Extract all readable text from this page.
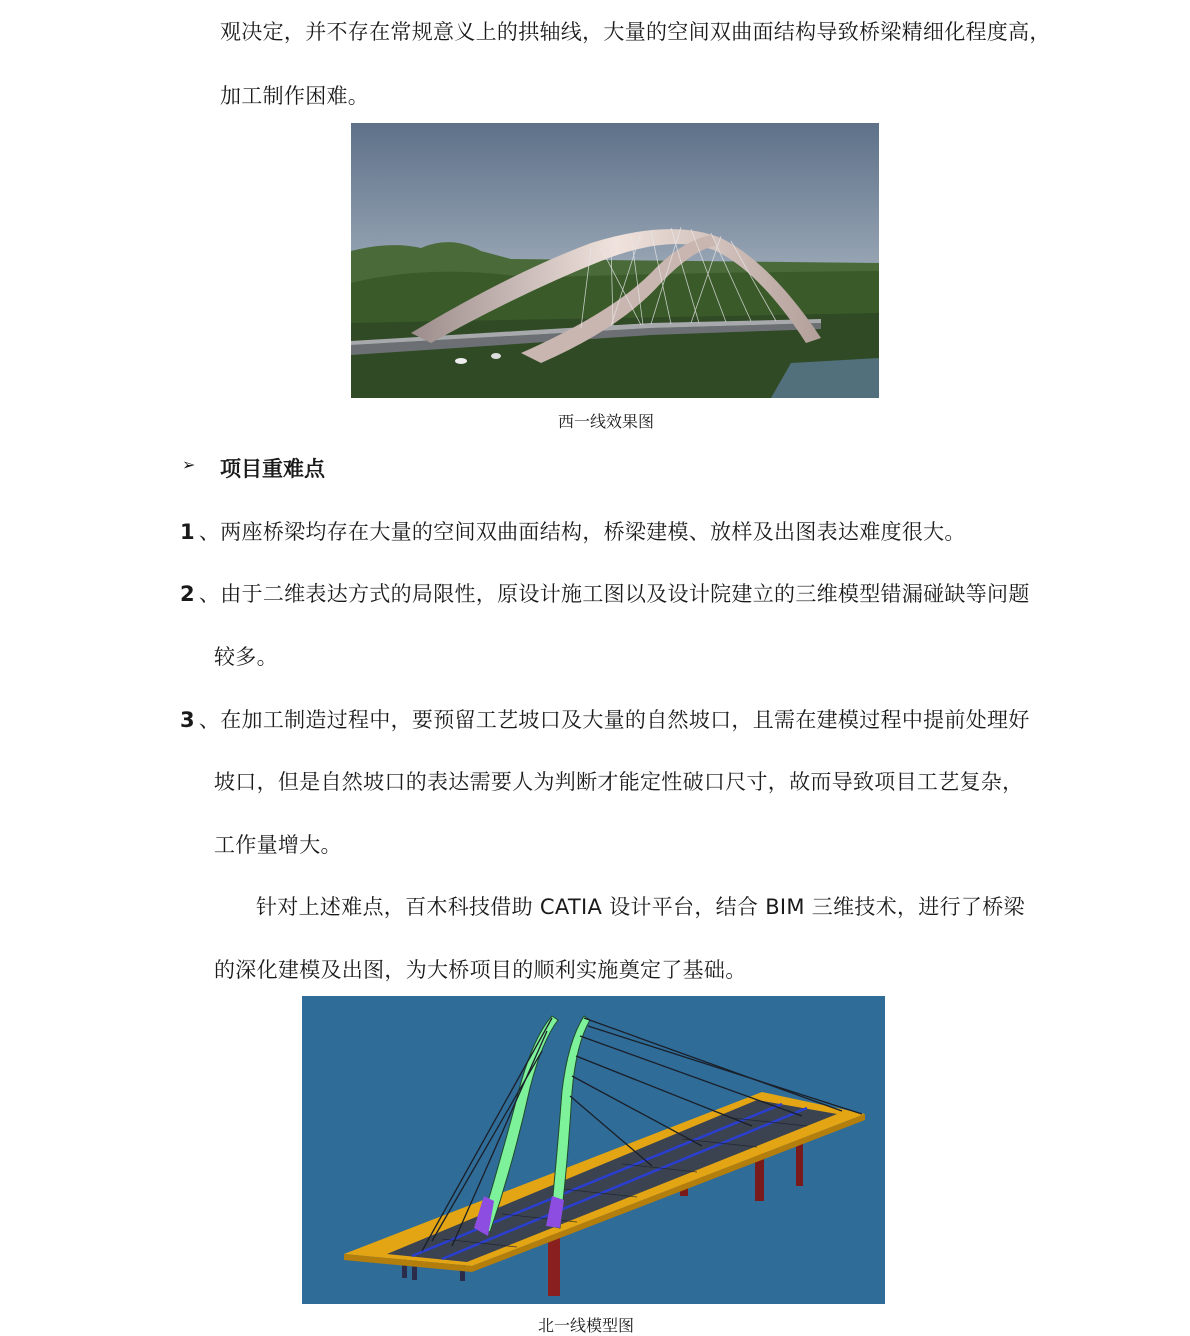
观决定，并不存在常规意义上的拱轴线，大量的空间双曲面结构导致桥梁精细化程度高，
加工制作困难。
西一线效果图
➢ 项目重难点
1 、两座桥梁均存在大量的空间双曲面结构，桥梁建模、放样及出图表达难度很大。
2 、由于二维表达方式的局限性，原设计施工图以及设计院建立的三维模型错漏碰缺等问题
较多。
3 、在加工制造过程中，要预留工艺坡口及大量的自然坡口，且需在建模过程中提前处理好
坡口，但是自然坡口的表达需要人为判断才能定性破口尺寸，故而导致项目工艺复杂，
工作量增大。
针对上述难点，百木科技借助 CATIA 设计平台，结合 BIM 三维技术，进行了桥梁
的深化建模及出图，为大桥项目的顺利实施奠定了基础。
北一线模型图
